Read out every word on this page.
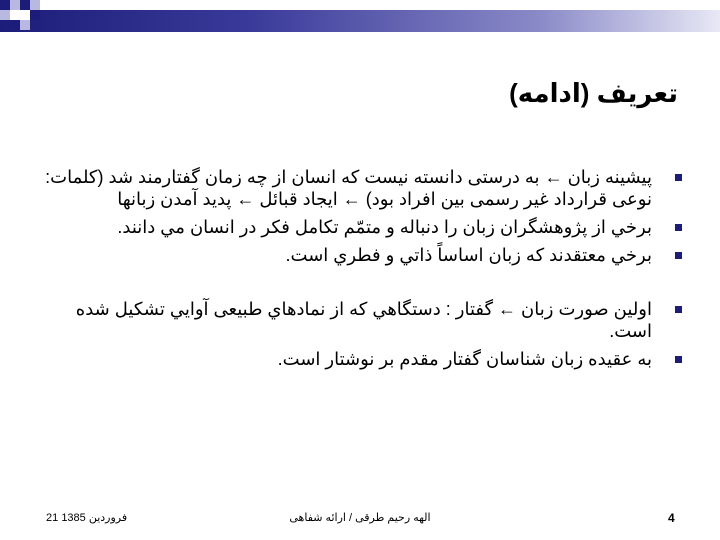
تعريف (ادامه)
پيشينه زبان ← به درستی دانسته نيست که انسان از چه زمان گفتارمند شد (کلمات: نوعی قرارداد غير رسمی بين افراد بود) ← ايجاد قبائل ← پديد آمدن زبانها
برخي از پژوهشگران زبان را دنباله و متمّم تکامل فکر در انسان مي دانند.
برخي معتقدند که زبان اساساً ذاتي و فطري است.
اولين صورت زبان ← گفتار : دستگاهي که از نمادهاي طبيعی آوايي تشکيل شده است.
به عقيده زبان شناسان گفتار مقدم بر نوشتار است.
فروردين 1385 21	الهه رحيم طرقی / ارائه شفاهی	4
